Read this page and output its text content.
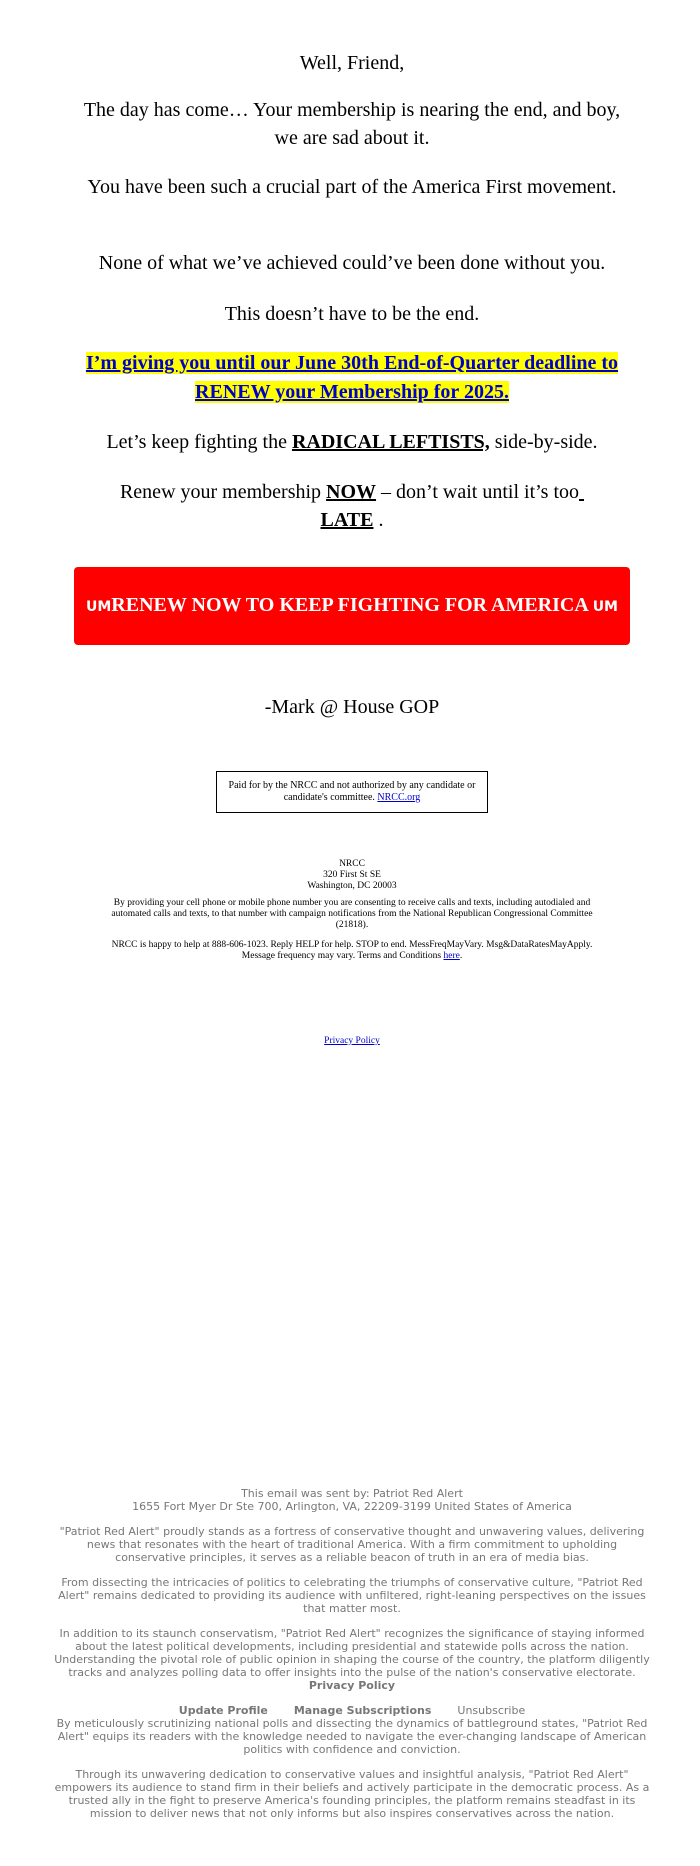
Well, Friend,

The day has come… Your membership is nearing the end, and boy, we are sad about it.

You have been such a crucial part of the America First movement.

None of what we’ve achieved could’ve been done without you.

This doesn’t have to be the end.

I’m giving you until our June 30th End-of-Quarter deadline to RENEW your Membership for 2025.

Let’s keep fighting the RADICAL LEFTISTS, side-by-side.

Renew your membership NOW – don’t wait until it’s too
LATE .

UMRENEW NOW TO KEEP FIGHTING FOR AMERICA UM

-Mark @ House GOP

Paid for by the NRCC and not authorized by any candidate or candidate's committee. NRCC.org
NRCC
320 First St SE
Washington, DC 20003
By providing your cell phone or mobile phone number you are consenting to receive calls and texts, including autodialed and automated calls and texts, to that number with campaign notifications from the National Republican Congressional Committee (21818).
NRCC is happy to help at 888-606-1023. Reply HELP for help. STOP to end. MessFreqMayVary. Msg&DataRatesMayApply. Message frequency may vary. Terms and Conditions here.
Privacy Policy

This email was sent by: Patriot Red Alert

1655 Fort Myer Dr Ste 700, Arlington, VA, 22209-3199 United States of America

"Patriot Red Alert" proudly stands as a fortress of conservative thought and unwavering values, delivering news that resonates with the heart of traditional America. With a firm commitment to upholding conservative principles, it serves as a reliable beacon of truth in an era of media bias.

From dissecting the intricacies of politics to celebrating the triumphs of conservative culture, "Patriot Red Alert" remains dedicated to providing its audience with unfiltered, right-leaning perspectives on the issues that matter most.

In addition to its staunch conservatism, "Patriot Red Alert" recognizes the significance of staying informed about the latest political developments, including presidential and statewide polls across the nation. Understanding the pivotal role of public opinion in shaping the course of the country, the platform diligently tracks and analyzes polling data to offer insights into the pulse of the nation's conservative electorate.

Privacy Policy

Update Profile Manage Subscriptions Unsubscribe

By meticulously scrutinizing national polls and dissecting the dynamics of battleground states, "Patriot Red Alert" equips its readers with the knowledge needed to navigate the ever-changing landscape of American politics with confidence and conviction.

Through its unwavering dedication to conservative values and insightful analysis, "Patriot Red Alert" empowers its audience to stand firm in their beliefs and actively participate in the democratic process. As a trusted ally in the fight to preserve America's founding principles, the platform remains steadfast in its mission to deliver news that not only informs but also inspires conservatives across the nation.
